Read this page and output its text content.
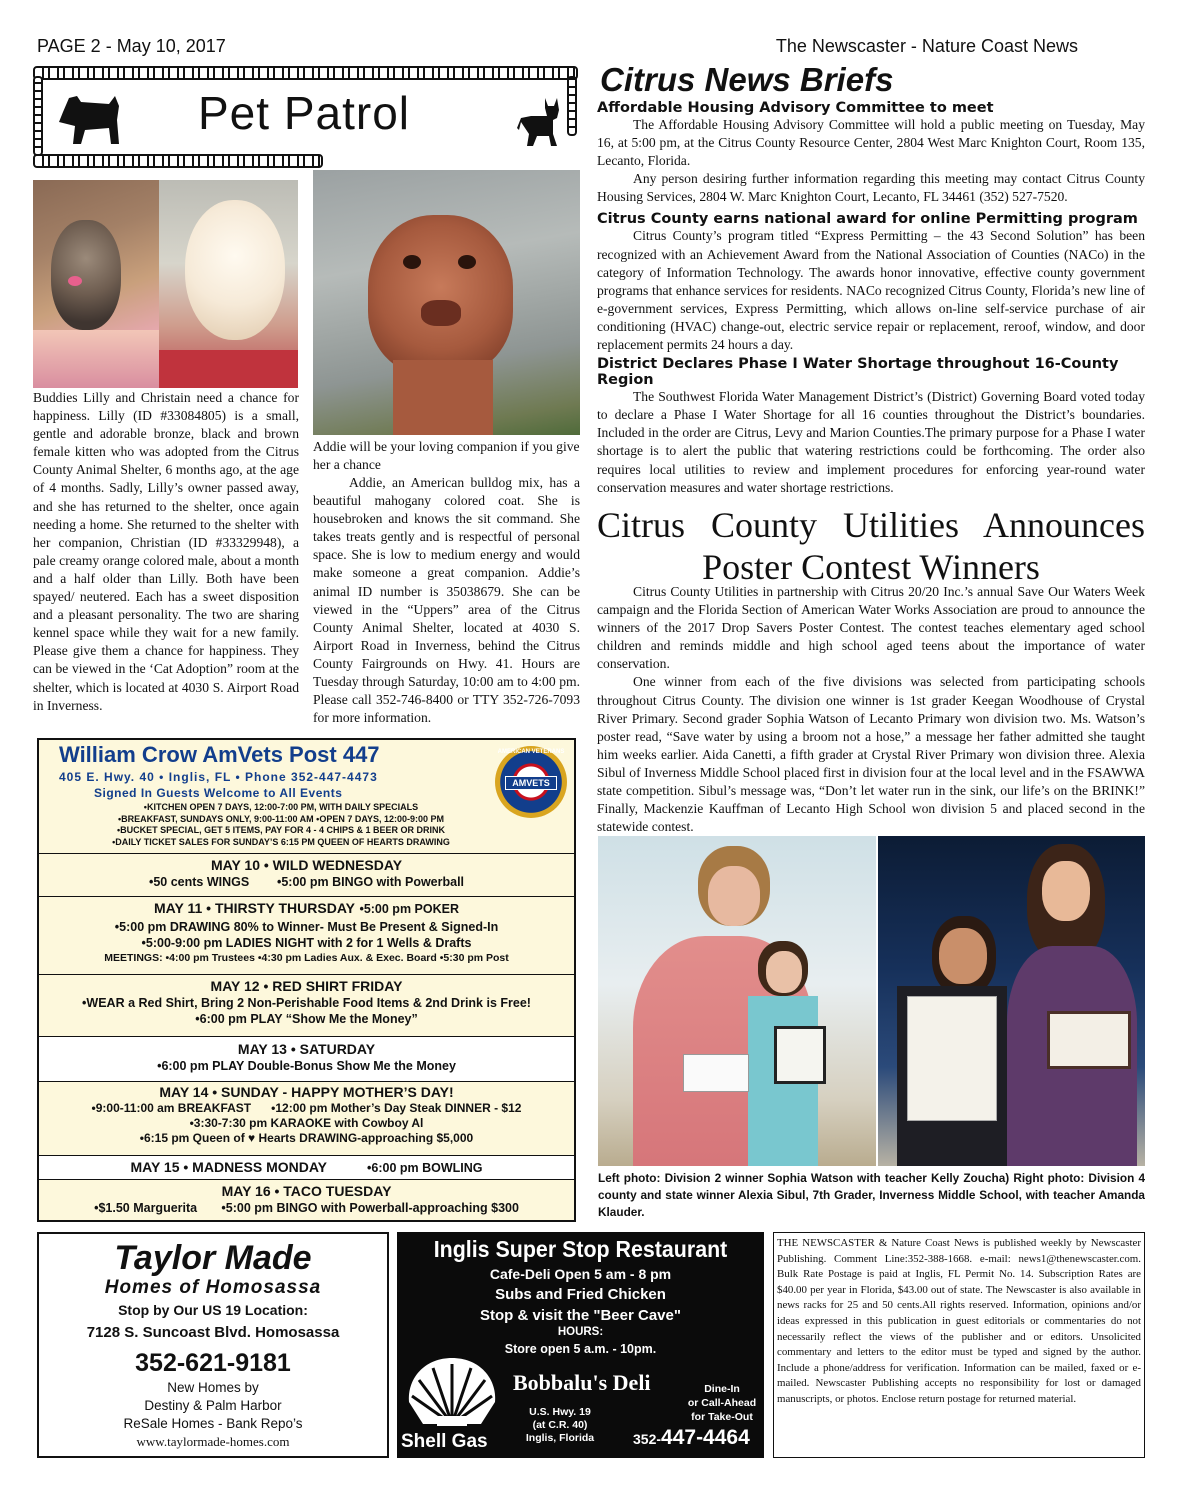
PAGE 2 - May 10, 2017	The Newscaster - Nature Coast News
Pet Patrol
Buddies Lilly and Christain need a chance for happiness. Lilly (ID #33084805) is a small, gentle and adorable bronze, black and brown female kitten who was adopted from the Citrus County Animal Shelter, 6 months ago, at the age of 4 months. Sadly, Lilly’s owner passed away, and she has returned to the shelter, once again needing a home. She returned to the shelter with her companion, Christian (ID #33329948), a pale creamy orange colored male, about a month and a half older than Lilly. Both have been spayed/ neutered. Each has a sweet disposition and a pleasant personality. The two are sharing kennel space while they wait for a new family. Please give them a chance for happiness. They can be viewed in the ‘Cat Adoption” room at the shelter, which is located at 4030 S. Airport Road in Inverness.
Addie will be your loving companion if you give her a chance
Addie, an American bulldog mix, has a beautiful mahogany colored coat. She is housebroken and knows the sit command. She takes treats gently and is respectful of personal space. She is low to medium energy and would make someone a great companion. Addie’s animal ID number is 35038679. She can be viewed in the “Uppers” area of the Citrus County Animal Shelter, located at 4030 S. Airport Road in Inverness, behind the Citrus County Fairgrounds on Hwy. 41. Hours are Tuesday through Saturday, 10:00 am to 4:00 pm. Please call 352-746-8400 or TTY 352-726-7093 for more information.
William Crow AmVets Post 447
405 E. Hwy. 40 • Inglis, FL • Phone 352-447-4473
Signed In Guests Welcome to All Events
•KITCHEN OPEN 7 DAYS, 12:00-7:00 PM, WITH DAILY SPECIALS
•BREAKFAST, SUNDAYS ONLY, 9:00-11:00 AM •OPEN 7 DAYS, 12:00-9:00 PM
•BUCKET SPECIAL, GET 5 ITEMS, PAY FOR 4 - 4 CHIPS & 1 BEER OR DRINK
•DAILY TICKET SALES FOR SUNDAY’S 6:15 PM QUEEN OF HEARTS DRAWING
AMERICAN VETERANS
AMVETS
MAY 10 • WILD WEDNESDAY
•50 cents WINGS        •5:00 pm BINGO with Powerball
MAY 11 • THIRSTY THURSDAY •5:00 pm POKER
•5:00 pm DRAWING 80% to Winner- Must Be Present & Signed-In
•5:00-9:00 pm LADIES NIGHT with 2 for 1 Wells & Drafts
MEETINGS: •4:00 pm Trustees •4:30 pm Ladies Aux. & Exec. Board •5:30 pm Post
MAY 12 • RED SHIRT FRIDAY
•WEAR a Red Shirt, Bring 2 Non-Perishable Food Items & 2nd Drink is Free!
•6:00 pm PLAY “Show Me the Money”
MAY 13 • SATURDAY
•6:00 pm PLAY Double-Bonus Show Me the Money
MAY 14 • SUNDAY - HAPPY MOTHER’S DAY!
•9:00-11:00 am BREAKFAST      •12:00 pm Mother’s Day Steak DINNER - $12
•3:30-7:30 pm KARAOKE with Cowboy Al
•6:15 pm Queen of ♥ Hearts DRAWING-approaching $5,000
MAY 15 • MADNESS MONDAY	•6:00 pm BOWLING
MAY 16 • TACO TUESDAY
•$1.50 Marguerita       •5:00 pm BINGO with Powerball-approaching $300
Citrus News Briefs
Affordable Housing Advisory Committee to meet
The Affordable Housing Advisory Committee will hold a public meeting on Tuesday, May 16, at 5:00 pm, at the Citrus County Resource Center, 2804 West Marc Knighton Court, Room 135, Lecanto, Florida.
Any person desiring further information regarding this meeting may contact Citrus County Housing Services, 2804 W. Marc Knighton Court, Lecanto, FL 34461 (352) 527-7520.
Citrus County earns national award for online Permitting program
Citrus County’s program titled “Express Permitting – the 43 Second Solution” has been recognized with an Achievement Award from the National Association of Counties (NACo) in the category of Information Technology. The awards honor innovative, effective county government programs that enhance services for residents. NACo recognized Citrus County, Florida’s new line of e-government services, Express Permitting, which allows on-line self-service purchase of air conditioning (HVAC) change-out, electric service repair or replacement, reroof, window, and door replacement permits 24 hours a day.
District Declares Phase I Water Shortage throughout 16-County Region
The Southwest Florida Water Management District’s (District) Governing Board voted today to declare a Phase I Water Shortage for all 16 counties throughout the District’s boundaries. Included in the order are Citrus, Levy and Marion Counties.The primary purpose for a Phase I water shortage is to alert the public that watering restrictions could be forthcoming. The order also requires local utilities to review and implement procedures for enforcing year-round water conservation measures and water shortage restrictions.
Citrus County Utilities Announces
Poster Contest Winners
Citrus County Utilities in partnership with Citrus 20/20 Inc.’s annual Save Our Waters Week campaign and the Florida Section of American Water Works Association are proud to announce the winners of the 2017 Drop Savers Poster Contest. The contest teaches elementary aged school children and reminds middle and high school aged teens about the importance of water conservation.
One winner from each of the five divisions was selected from participating schools throughout Citrus County. The division one winner is 1st grader Keegan Woodhouse of Crystal River Primary. Second grader Sophia Watson of Lecanto Primary won division two. Ms. Watson’s poster read, “Save water by using a broom not a hose,” a message her father admitted she taught him weeks earlier. Aida Canetti, a fifth grader at Crystal River Primary won division three. Alexia Sibul of Inverness Middle School placed first in division four at the local level and in the FSAWWA state competition. Sibul’s message was, “Don’t let water run in the sink, our life’s on the BRINK!” Finally, Mackenzie Kauffman of Lecanto High School won division 5 and placed second in the statewide contest.
Left photo: Division 2 winner Sophia Watson with teacher Kelly Zoucha) Right photo: Division 4 county and state winner Alexia Sibul, 7th Grader, Inverness Middle School, with teacher Amanda Klauder.
Taylor Made
Homes of Homosassa
Stop by Our US 19 Location:
7128 S. Suncoast Blvd. Homosassa
352-621-9181
New Homes by
Destiny & Palm Harbor
ReSale Homes - Bank Repo’s
www.taylormade-homes.com
Inglis Super Stop Restaurant
Cafe-Deli Open 5 am - 8 pm
Subs and Fried Chicken
Stop & visit the "Beer Cave"
HOURS:
Store open 5 a.m. - 10pm.
Shell Gas
Bobbalu's Deli	Dine-In
or Call-Ahead
for Take-Out
U.S. Hwy. 19
(at C.R. 40)
Inglis, Florida	352-447-4464
THE NEWSCASTER & Nature Coast News is published weekly by Newscaster Publishing. Comment Line:352-388-1668. e-mail: news1@thenewscaster.com. Bulk Rate Postage is paid at Inglis, FL Permit No. 14. Subscription Rates are $40.00 per year in Florida, $43.00 out of state. The Newscaster is also available in news racks for 25 and 50 cents.All rights reserved. Information, opinions and/or ideas expressed in this publication in guest editorials or commentaries do not necessarily reflect the views of the publisher and or editors. Unsolicited commentary and letters to the editor must be typed and signed by the author. Include a phone/address for verification. Information can be mailed, faxed or e-mailed. Newscaster Publishing accepts no responsibility for lost or damaged manuscripts, or photos. Enclose return postage for returned material.
